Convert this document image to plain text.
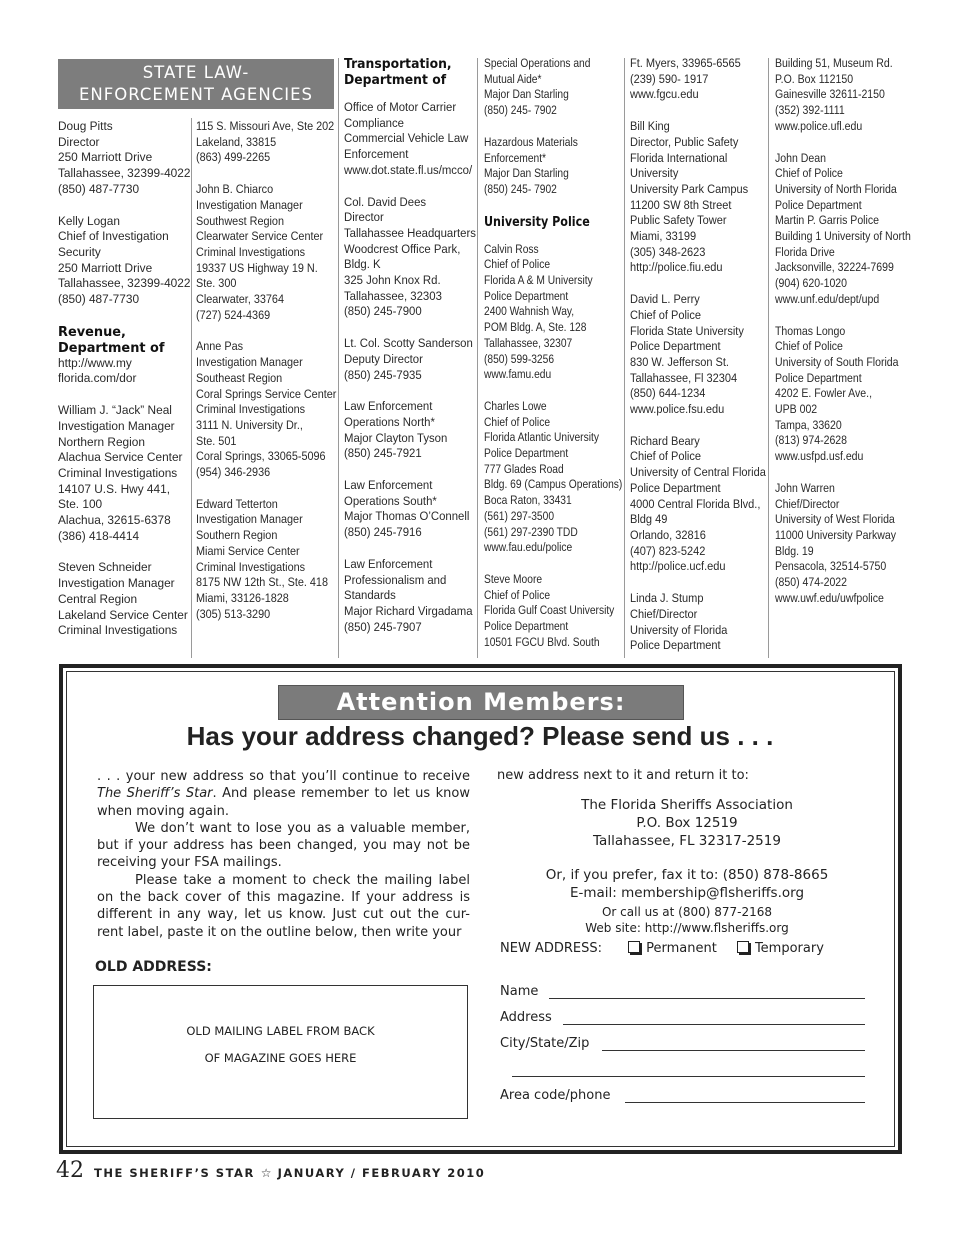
STATE LAW-
ENFORCEMENT AGENCIES
Doug Pitts
Director
250 Marriott Drive
Tallahassee, 32399-4022
(850) 487-7730
Kelly Logan
Chief of Investigation
Security
250 Marriott Drive
Tallahassee, 32399-4022
(850) 487-7730
Revenue,
Department of
http://www.my
florida.com/dor
William J. “Jack” Neal
Investigation Manager
Northern Region
Alachua Service Center
Criminal Investigations
14107 U.S. Hwy 441,
Ste. 100
Alachua, 32615-6378
(386) 418-4414
Steven Schneider
Investigation Manager
Central Region
Lakeland Service Center
Criminal Investigations
115 S. Missouri Ave, Ste 202
Lakeland, 33815
(863) 499-2265
John B. Chiarco
Investigation Manager
Southwest Region
Clearwater Service Center
Criminal Investigations
19337 US Highway 19 N.
Ste. 300
Clearwater, 33764
(727) 524-4369
Anne Pas
Investigation Manager
Southeast Region
Coral Springs Service Center
Criminal Investigations
3111 N. University Dr.,
Ste. 501
Coral Springs, 33065-5096
(954) 346-2936
Edward Tetterton
Investigation Manager
Southern Region
Miami Service Center
Criminal Investigations
8175 NW 12th St., Ste. 418
Miami, 33126-1828
(305) 513-3290
Transportation,
Department of
Office of Motor Carrier
Compliance
Commercial Vehicle Law
Enforcement
www.dot.state.fl.us/mcco/
Col. David Dees
Director
Tallahassee Headquarters
Woodcrest Office Park,
Bldg. K
325 John Knox Rd.
Tallahassee, 32303
(850) 245-7900
Lt. Col. Scotty Sanderson
Deputy Director
(850) 245-7935
Law Enforcement
Operations North*
Major Clayton Tyson
(850) 245-7921
Law Enforcement
Operations South*
Major Thomas O’Connell
(850) 245-7916
Law Enforcement
Professionalism and
Standards
Major Richard Virgadama
(850) 245-7907
Special Operations and
Mutual Aide*
Major Dan Starling
(850) 245- 7902
Hazardous Materials
Enforcement*
Major Dan Starling
(850) 245- 7902
University Police
Calvin Ross
Chief of Police
Florida A & M University
Police Department
2400 Wahnish Way,
POM Bldg. A, Ste. 128
Tallahassee, 32307
(850) 599-3256
www.famu.edu
Charles Lowe
Chief of Police
Florida Atlantic University
Police Department
777 Glades Road
Bldg. 69 (Campus Operations)
Boca Raton, 33431
(561) 297-3500
(561) 297-2390 TDD
www.fau.edu/police
Steve Moore
Chief of Police
Florida Gulf Coast University
Police Department
10501 FGCU Blvd. South
Ft. Myers, 33965-6565
(239) 590- 1917
www.fgcu.edu
Bill King
Director, Public Safety
Florida International
University
University Park Campus
11200 SW 8th Street
Public Safety Tower
Miami, 33199
(305) 348-2623
http://police.fiu.edu
David L. Perry
Chief of Police
Florida State University
Police Department
830 W. Jefferson St.
Tallahassee, Fl 32304
(850) 644-1234
www.police.fsu.edu
Richard Beary
Chief of Police
University of Central Florida
Police Department
4000 Central Florida Blvd.,
Bldg 49
Orlando, 32816
(407) 823-5242
http://police.ucf.edu
Linda J. Stump
Chief/Director
University of Florida
Police Department
Building 51, Museum Rd.
P.O. Box 112150
Gainesville 32611-2150
(352) 392-1111
www.police.ufl.edu
John Dean
Chief of Police
University of North Florida
Police Department
Martin P. Garris Police
Building 1 University of North
Florida Drive
Jacksonville, 32224-7699
(904) 620-1020
www.unf.edu/dept/upd
Thomas Longo
Chief of Police
University of South Florida
Police Department
4202 E. Fowler Ave.,
UPB 002
Tampa, 33620
(813) 974-2628
www.usfpd.usf.edu
John Warren
Chief/Director
University of West Florida
11000 University Parkway
Bldg. 19
Pensacola, 32514-5750
(850) 474-2022
www.uwf.edu/uwfpolice
Attention Members:
Has your address changed? Please send us . . .

. . . your new address so that you’ll continue to receive The Sheriff’s Star. And please remember to let us know when moving again.

We don’t want to lose you as a valuable member, but if your address has been changed, you may not be receiving your FSA mailings.

Please take a moment to check the mailing label on the back cover of this magazine. If your address is different in any way, let us know. Just cut out the cur-rent label, paste it on the outline below, then write your

new address next to it and return it to:
The Florida Sheriffs Association
P.O. Box 12519
Tallahassee, FL 32317-2519
Or, if you prefer, fax it to: (850) 878-8665
E-mail: membership@flsheriffs.org
Or call us at (800) 877-2168
Web site: http://www.flsheriffs.org
NEW ADDRESS:	Permanent	Temporary
OLD ADDRESS:
OLD MAILING LABEL FROM BACK
OF MAGAZINE GOES HERE
Name
Address
City/State/Zip
Area code/phone
42 THE SHERIFF’S STAR ☆ JANUARY / FEBRUARY 2010
